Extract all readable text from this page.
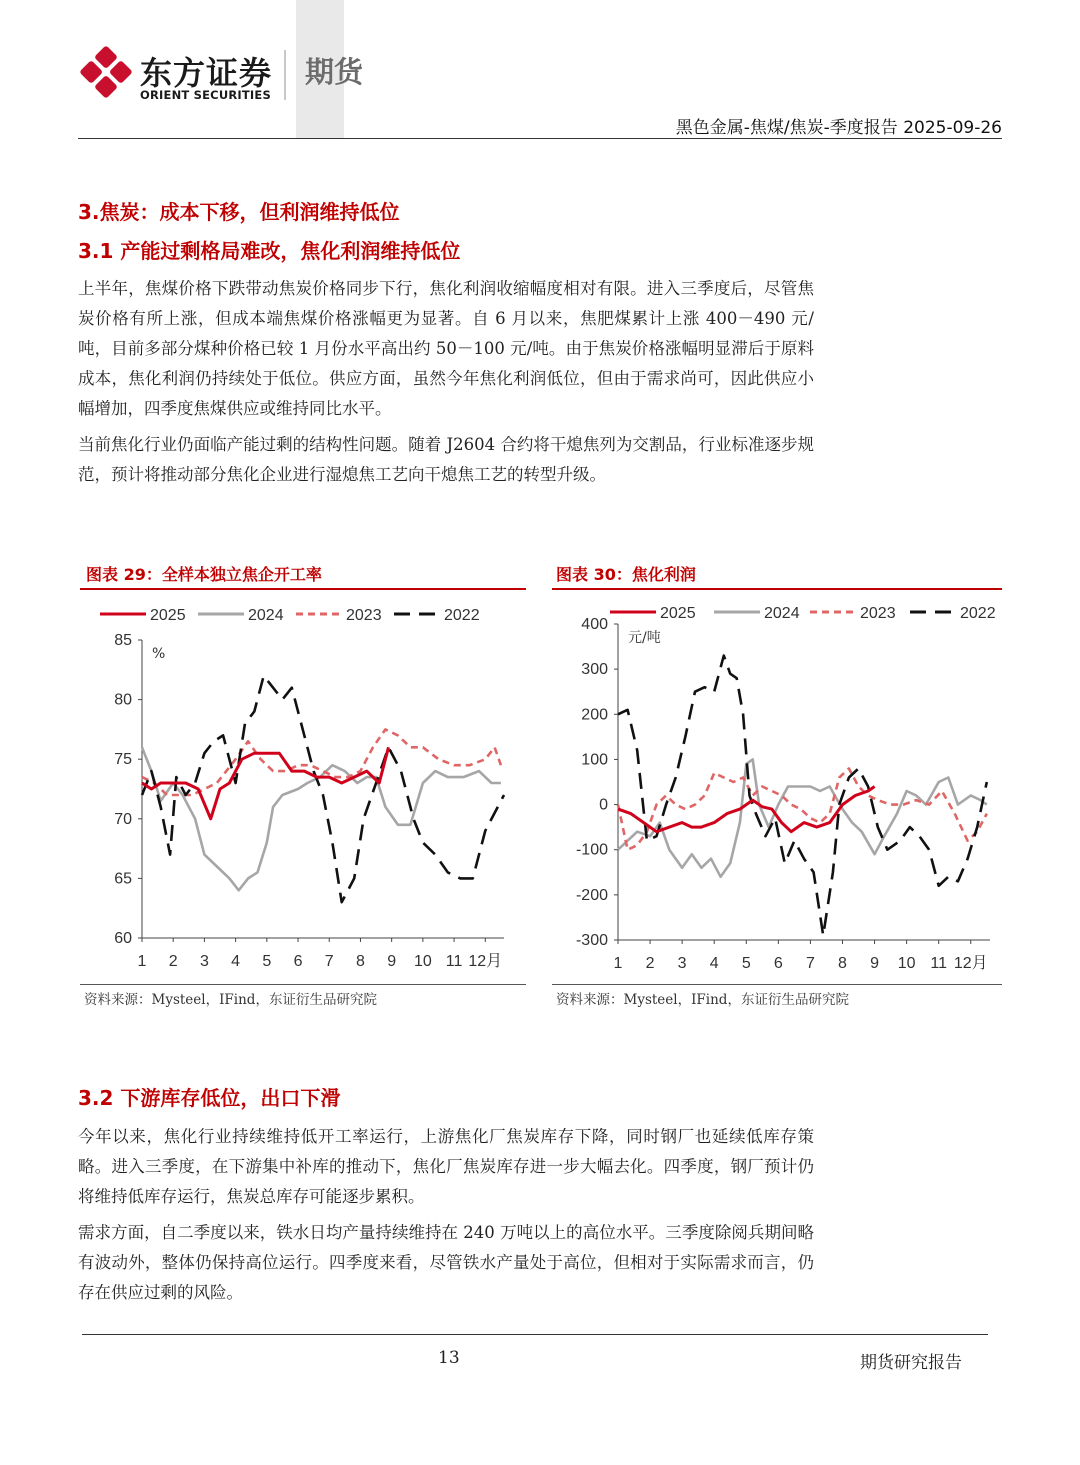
东方证券
ORIENT SECURITIES
期货
黑色金属-焦煤/焦炭-季度报告 2025-09-26
3.焦炭：成本下移，但利润维持低位
3.1 产能过剩格局难改，焦化利润维持低位
上半年，焦煤价格下跌带动焦炭价格同步下行，焦化利润收缩幅度相对有限。进入三季度后，尽管焦炭价格有所上涨，但成本端焦煤价格涨幅更为显著。自 6 月以来，焦肥煤累计上涨 400－490 元/吨，目前多部分煤种价格已较 1 月份水平高出约 50－100 元/吨。由于焦炭价格涨幅明显滞后于原料成本，焦化利润仍持续处于低位。供应方面，虽然今年焦化利润低位，但由于需求尚可，因此供应小幅增加，四季度焦煤供应或维持同比水平。
当前焦化行业仍面临产能过剩的结构性问题。随着 J2604 合约将干熄焦列为交割品，行业标准逐步规范，预计将推动部分焦化企业进行湿熄焦工艺向干熄焦工艺的转型升级。
图表 29：全样本独立焦企开工率
60
65
70
75
80
85
1 2 3 4 5 6 7 8 9 10 11 12月
%
2025	2024	2023	2022
资料来源：Mysteel，IFind，东证衍生品研究院
图表 30：焦化利润
-300
-200
-100
0
100
200
300
400
1 2 3 4 5 6 7 8 9 10 11 12月
元/吨
2025	2024	2023	2022
资料来源：Mysteel，IFind，东证衍生品研究院
3.2 下游库存低位，出口下滑
今年以来，焦化行业持续维持低开工率运行，上游焦化厂焦炭库存下降，同时钢厂也延续低库存策略。进入三季度，在下游集中补库的推动下，焦化厂焦炭库存进一步大幅去化。四季度，钢厂预计仍将维持低库存运行，焦炭总库存可能逐步累积。
需求方面，自二季度以来，铁水日均产量持续维持在 240 万吨以上的高位水平。三季度除阅兵期间略有波动外，整体仍保持高位运行。四季度来看，尽管铁水产量处于高位，但相对于实际需求而言，仍存在供应过剩的风险。
13	期货研究报告
